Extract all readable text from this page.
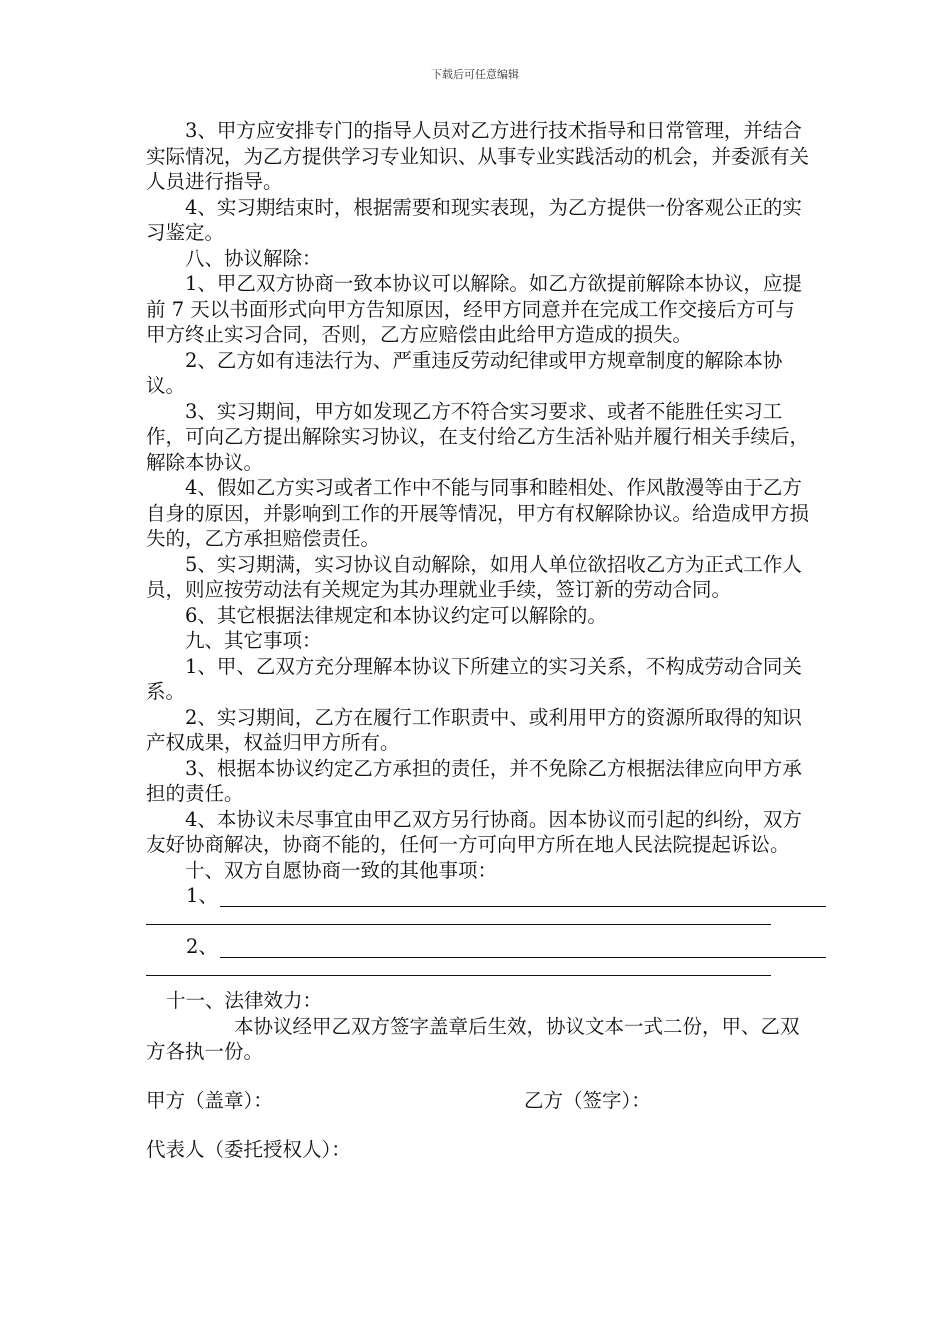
下载后可任意编辑

3、甲方应安排专门的指导人员对乙方进行技术指导和日常管理，并结合实际情况，为乙方提供学习专业知识、从事专业实践活动的机会，并委派有关人员进行指导。

4、实习期结束时，根据需要和现实表现，为乙方提供一份客观公正的实习鉴定。

八、协议解除：

1、甲乙双方协商一致本协议可以解除。如乙方欲提前解除本协议，应提前 7 天以书面形式向甲方告知原因，经甲方同意并在完成工作交接后方可与甲方终止实习合同，否则，乙方应赔偿由此给甲方造成的损失。

2、乙方如有违法行为、严重违反劳动纪律或甲方规章制度的解除本协议。

3、实习期间，甲方如发现乙方不符合实习要求、或者不能胜任实习工作，可向乙方提出解除实习协议，在支付给乙方生活补贴并履行相关手续后，解除本协议。

4、假如乙方实习或者工作中不能与同事和睦相处、作风散漫等由于乙方自身的原因，并影响到工作的开展等情况，甲方有权解除协议。给造成甲方损失的，乙方承担赔偿责任。

5、实习期满，实习协议自动解除，如用人单位欲招收乙方为正式工作人员，则应按劳动法有关规定为其办理就业手续，签订新的劳动合同。

6、其它根据法律规定和本协议约定可以解除的。

九、其它事项：

1、甲、乙双方充分理解本协议下所建立的实习关系，不构成劳动合同关系。

2、实习期间，乙方在履行工作职责中、或利用甲方的资源所取得的知识产权成果，权益归甲方所有。

3、根据本协议约定乙方承担的责任，并不免除乙方根据法律应向甲方承担的责任。

4、本协议未尽事宜由甲乙双方另行协商。因本协议而引起的纠纷，双方友好协商解决，协商不能的，任何一方可向甲方所在地人民法院提起诉讼。

十、双方自愿协商一致的其他事项：

1、
2、

十一、法律效力：

本协议经甲乙双方签字盖章后生效，协议文本一式二份，甲、乙双方各执一份。

甲方（盖章）：	乙方（签字）：

代表人（委托授权人）：
